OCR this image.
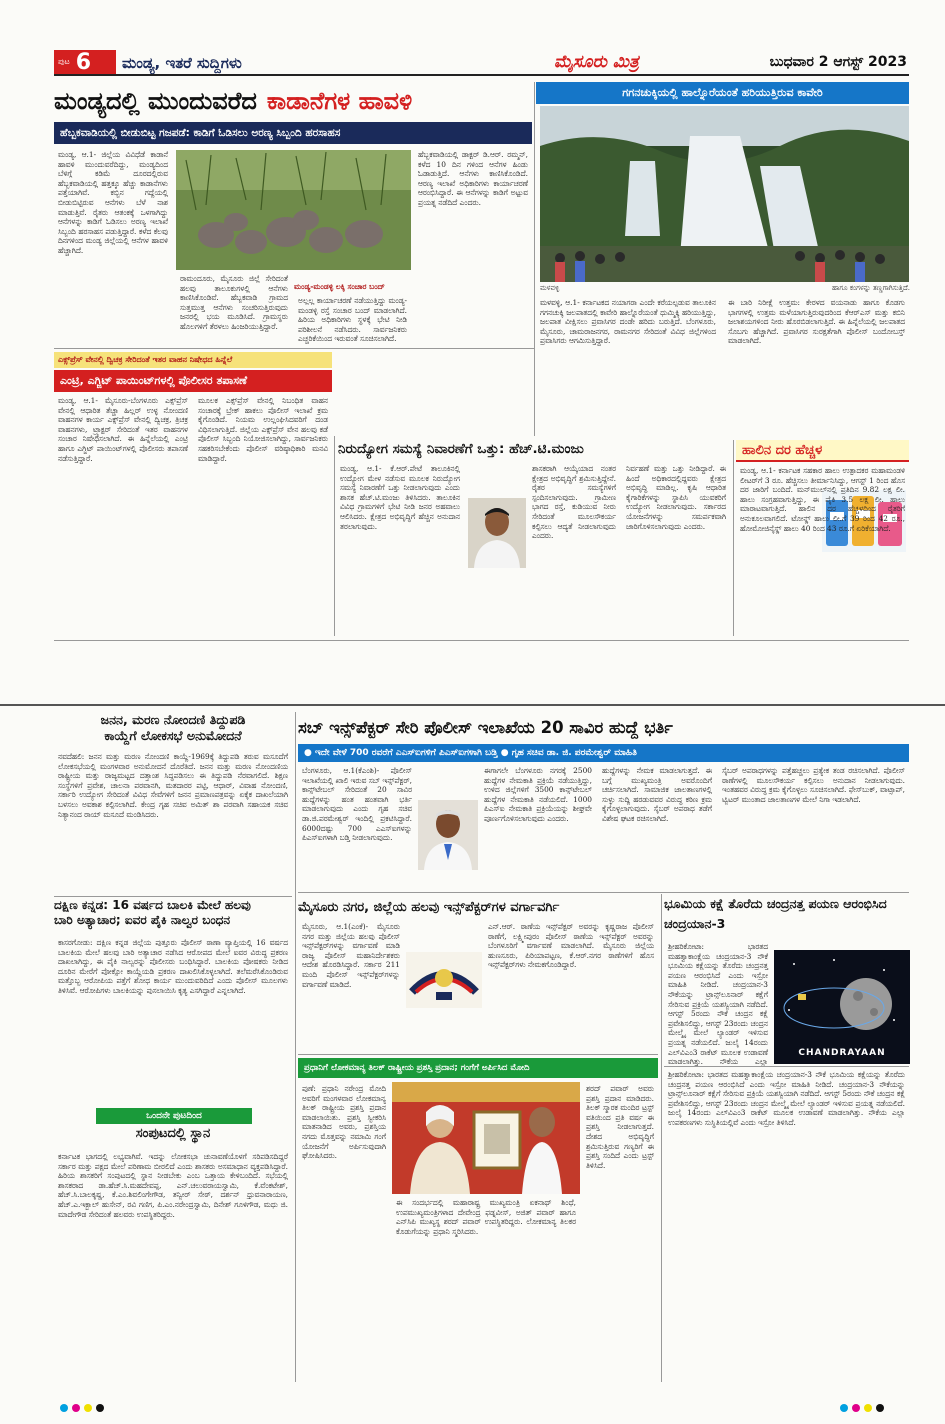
ಪುಟ 6 ಮಂಡ್ಯ, ಇತರೆ ಸುದ್ದಿಗಳು	ಮೈಸೂರು ಮಿತ್ರ	ಬುಧವಾರ 2 ಆಗಸ್ಟ್ 2023
ಮಂಡ್ಯದಲ್ಲಿ ಮುಂದುವರೆದ ಕಾಡಾನೆಗಳ ಹಾವಳಿ
ಹೆಬ್ಬಕವಾಡಿಯಲ್ಲಿ ಬೀಡುಬಿಟ್ಟ ಗಜಪಡೆ: ಕಾಡಿಗೆ ಓಡಿಸಲು ಅರಣ್ಯ ಸಿಬ್ಬಂದಿ ಹರಸಾಹಸ
ಮಂಡ್ಯ, ಆ.1- ಜಿಲ್ಲೆಯ ವಿವಿಧೆಡೆ ಕಾಡಾನೆ ಹಾವಳಿ ಮುಂದುವರೆದಿದ್ದು, ಮಂಡ್ಯದಿಂದ ಬೆಳಿಗ್ಗೆ ಕಡಿಮೆ ದೂರದಲ್ಲಿರುವ ಹೆಬ್ಬಕವಾಡಿಯಲ್ಲಿ ಹತ್ತಕ್ಕೂ ಹೆಚ್ಚು ಕಾಡಾನೆಗಳು ಪತ್ತೆಯಾಗಿವೆ. ಕಬ್ಬಿನ ಗದ್ದೆಯಲ್ಲಿ ಬೀಡುಬಿಟ್ಟಿರುವ ಆನೆಗಳು ಬೆಳೆ ನಾಶ ಮಾಡುತ್ತಿವೆ. ರೈತರು ಆತಂಕಕ್ಕೆ ಒಳಗಾಗಿದ್ದು ಆನೆಗಳನ್ನು ಕಾಡಿಗೆ ಓಡಿಸಲು ಅರಣ್ಯ ಇಲಾಖೆ ಸಿಬ್ಬಂದಿ ಹರಸಾಹಸ ಪಡುತ್ತಿದ್ದಾರೆ. ಕಳೆದ ಕೆಲವು ದಿನಗಳಿಂದ ಮಂಡ್ಯ ಜಿಲ್ಲೆಯಲ್ಲಿ ಆನೆಗಳ ಹಾವಳಿ ಹೆಚ್ಚಾಗಿದೆ.
ರಾಮಂದೂರು, ಮೈಸೂರು ಜಿಲ್ಲೆ ಸೇರಿದಂತೆ ಹಲವು ತಾಲೂಕುಗಳಲ್ಲಿ ಆನೆಗಳು ಕಾಣಿಸಿಕೊಂಡಿವೆ. ಹೆಬ್ಬಕವಾಡಿ ಗ್ರಾಮದ ಸುತ್ತಮುತ್ತ ಆನೆಗಳು ಸಂಚರಿಸುತ್ತಿರುವುದು ಜನರಲ್ಲಿ ಭಯ ಮೂಡಿಸಿದೆ. ಗ್ರಾಮಸ್ಥರು ಹೊಲಗಳಿಗೆ ತೆರಳಲು ಹಿಂಜರಿಯುತ್ತಿದ್ದಾರೆ.
ಮಂಡ್ಯ-ಮಂಡಳ್ಳಿ ಲಕ್ಕಿ ಸಂಚಾರ ಬಂದ್
ಅಲ್ಲಲ್ಲ ಕಾರ್ಯಾಚರಣೆ ನಡೆಯುತ್ತಿದ್ದು ಮಂಡ್ಯ-ಮಂಡಳ್ಳಿ ರಸ್ತೆ ಸಂಚಾರ ಬಂದ್ ಮಾಡಲಾಗಿದೆ. ಹಿರಿಯ ಅಧಿಕಾರಿಗಳು ಸ್ಥಳಕ್ಕೆ ಭೇಟಿ ನೀಡಿ ಪರಿಶೀಲನೆ ನಡೆಸಿದರು. ಸಾರ್ವಜನಿಕರು ಎಚ್ಚರಿಕೆಯಿಂದ ಇರುವಂತೆ ಸೂಚಿಸಲಾಗಿದೆ.
ಹೆಬ್ಬಕವಾಡಿಯಲ್ಲಿ ಡಾಕ್ಟರ್ ಡಿ.ಆರ್. ರಮ್ಮನ್, ಕಳೆದ 10 ದಿನ ಗಳಿಂದ ಆನೆಗಳ ಹಿಂಡು ಓಡಾಡುತ್ತಿದೆ. ಆನೆಗಳು ಕಾಣಿಸಿಕೊಂಡಿದೆ. ಆರಣ್ಯ ಇಲಾಖೆ ಅಧಿಕಾರಿಗಳು ಕಾರ್ಯಾಚರಣೆ ಆರಂಭಿಸಿದ್ದಾರೆ. ಈ ಆನೆಗಳನ್ನು ಕಾಡಿಗೆ ಅಟ್ಟುವ ಪ್ರಯತ್ನ ನಡೆದಿದೆ ಎಂದರು.
ಗಗನಚುಕ್ಕಿಯಲ್ಲಿ ಹಾಲ್ನೊರೆಯಂತೆ ಹರಿಯುತ್ತಿರುವ ಕಾವೇರಿ
ಮಳವಳ್ಳಿ	ಹಾಗೂ ಕಂಗಳನ್ನು ತಣ್ಣಗಾಗಿಸುತ್ತಿದೆ.
ಮಳವಳ್ಳಿ, ಆ.1- ಕರ್ನಾಟಕದ ನಯಾಗರಾ ಎಂದೇ ಕರೆಯಲ್ಪಡುವ ತಾಲೂಕಿನ ಗಗನಚುಕ್ಕಿ ಜಲಪಾತದಲ್ಲಿ ಕಾವೇರಿ ಹಾಲ್ನೊರೆಯಂತೆ ಧುಮ್ಮಿಕ್ಕಿ ಹರಿಯುತ್ತಿದ್ದು, ಜಲಪಾತ ವೀಕ್ಷಿಸಲು ಪ್ರವಾಸಿಗರ ದಂಡೇ ಹರಿದು ಬರುತ್ತಿದೆ. ಬೆಂಗಳೂರು, ಮೈಸೂರು, ಚಾಮರಾಜನಗರ, ರಾಮನಗರ ಸೇರಿದಂತೆ ವಿವಿಧ ಜಿಲ್ಲೆಗಳಿಂದ ಪ್ರವಾಸಿಗರು ಆಗಮಿಸುತ್ತಿದ್ದಾರೆ.
ಈ ಬಾರಿ ನಿರೀಕ್ಷೆ ಉತ್ತಮ: ಕೇರಳದ ವಯನಾಡು ಹಾಗೂ ಕೊಡಗು ಭಾಗಗಳಲ್ಲಿ ಉತ್ತಮ ಮಳೆಯಾಗುತ್ತಿರುವುದರಿಂದ ಕೆಆರ್‌ಎಸ್ ಮತ್ತು ಕಬಿನಿ ಜಲಾಶಯಗಳಿಂದ ನೀರು ಹೊರಬಿಡಲಾಗುತ್ತಿದೆ. ಈ ಹಿನ್ನೆಲೆಯಲ್ಲಿ ಜಲಪಾತದ ಸೊಬಗು ಹೆಚ್ಚಾಗಿದೆ. ಪ್ರವಾಸಿಗರ ಸುರಕ್ಷತೆಗಾಗಿ ಪೊಲೀಸ್ ಬಂದೋಬಸ್ತ್ ಮಾಡಲಾಗಿದೆ.
ಎಕ್ಸ್‌ಪ್ರೆಸ್ ವೇನಲ್ಲಿ ದ್ವಿಚಕ್ರ ಸೇರಿದಂತೆ ಇತರ ವಾಹನ ನಿಷೇಧದ ಹಿನ್ನೆಲೆ
ಎಂಟ್ರಿ, ಎಗ್ಜಿಟ್ ಪಾಯಿಂಟ್‌ಗಳಲ್ಲಿ ಪೊಲೀಸರ ತಪಾಸಣೆ
ಮಂಡ್ಯ, ಆ.1- ಮೈಸೂರು-ಬೆಂಗಳೂರು ಎಕ್ಸ್‌ಪ್ರೆಸ್ ವೇನಲ್ಲಿ ಆಧಾರಿತ ತೆಚ್ಚಾ ಹಿಲ್ಲರ್ ಉಳ್ಳ ನೋಂದಣಿ ವಾಹನಗಳ ಕಾರ್ಯ ಎಕ್ಸ್‌ಪ್ರೆಸ್ ವೇನಲ್ಲಿ ದ್ವಿಚಕ್ರ, ತ್ರಿಚಕ್ರ ವಾಹನಗಳು, ಟ್ರ್ಯಾಕ್ಟರ್ ಸೇರಿದಂತೆ ಇತರ ವಾಹನಗಳ ಸಂಚಾರ ನಿಷೇಧಿಸಲಾಗಿದೆ. ಈ ಹಿನ್ನೆಲೆಯಲ್ಲಿ ಎಂಟ್ರಿ ಹಾಗೂ ಎಗ್ಜಿಟ್ ಪಾಯಿಂಟ್‌ಗಳಲ್ಲಿ ಪೊಲೀಸರು ತಪಾಸಣೆ ನಡೆಸುತ್ತಿದ್ದಾರೆ.
ಮೂಲಕ ಎಕ್ಸ್‌ಪ್ರೆಸ್ ವೇನಲ್ಲಿ ನಿಬಂಧಿತ ವಾಹನ ಸಂಚಾರಕ್ಕೆ ಬ್ರೇಕ್ ಹಾಕಲು ಪೊಲೀಸ್ ಇಲಾಖೆ ಕ್ರಮ ಕೈಗೊಂಡಿದೆ. ನಿಯಮ ಉಲ್ಲಂಘಿಸಿದವರಿಗೆ ದಂಡ ವಿಧಿಸಲಾಗುತ್ತಿದೆ. ಜಿಲ್ಲೆಯ ಎಕ್ಸ್‌ಪ್ರೆಸ್ ವೇನ ಹಲವು ಕಡೆ ಪೊಲೀಸ್ ಸಿಬ್ಬಂದಿ ನಿಯೋಜಿಸಲಾಗಿದ್ದು, ಸಾರ್ವಜನಿಕರು ಸಹಕರಿಸಬೇಕೆಂದು ಪೊಲೀಸ್ ವರಿಷ್ಠಾಧಿಕಾರಿ ಮನವಿ ಮಾಡಿದ್ದಾರೆ.
ನಿರುದ್ಯೋಗ ಸಮಸ್ಯೆ ನಿವಾರಣೆಗೆ ಒತ್ತು: ಹೆಚ್.ಟಿ.ಮಂಜು
ಮಂಡ್ಯ, ಆ.1- ಕೆ.ಆರ್.ಪೇಟೆ ತಾಲೂಕಿನಲ್ಲಿ ಉದ್ಯೋಗ ಮೇಳ ನಡೆಸುವ ಮೂಲಕ ನಿರುದ್ಯೋಗ ಸಮಸ್ಯೆ ನಿವಾರಣೆಗೆ ಒತ್ತು ನೀಡಲಾಗುವುದು ಎಂದು ಶಾಸಕ ಹೆಚ್.ಟಿ.ಮಂಜು ತಿಳಿಸಿದರು. ತಾಲೂಕಿನ ವಿವಿಧ ಗ್ರಾಮಗಳಿಗೆ ಭೇಟಿ ನೀಡಿ ಜನರ ಅಹವಾಲು ಆಲಿಸಿದರು. ಕ್ಷೇತ್ರದ ಅಭಿವೃದ್ಧಿಗೆ ಹೆಚ್ಚಿನ ಅನುದಾನ ತರಲಾಗುವುದು.
ಶಾಸಕರಾಗಿ ಆಯ್ಕೆಯಾದ ನಂತರ ಕ್ಷೇತ್ರದ ಅಭಿವೃದ್ಧಿಗೆ ಶ್ರಮಿಸುತ್ತಿದ್ದೇನೆ. ರೈತರ ಸಮಸ್ಯೆಗಳಿಗೆ ಸ್ಪಂದಿಸಲಾಗುವುದು. ಗ್ರಾಮೀಣ ಭಾಗದ ರಸ್ತೆ, ಕುಡಿಯುವ ನೀರು ಸೇರಿದಂತೆ ಮೂಲಸೌಕರ್ಯ ಕಲ್ಪಿಸಲು ಆದ್ಯತೆ ನೀಡಲಾಗುವುದು ಎಂದರು.
ನಿರ್ವಹಣೆ ಮತ್ತು ಒತ್ತು ನೀಡಿದ್ದಾರೆ. ಈ ಹಿಂದೆ ಅಧಿಕಾರದಲ್ಲಿದ್ದವರು ಕ್ಷೇತ್ರದ ಅಭಿವೃದ್ಧಿ ಮಾಡಿಲ್ಲ. ಕೃಷಿ ಆಧಾರಿತ ಕೈಗಾರಿಕೆಗಳನ್ನು ಸ್ಥಾಪಿಸಿ ಯುವಕರಿಗೆ ಉದ್ಯೋಗ ನೀಡಲಾಗುವುದು. ಸರ್ಕಾರದ ಯೋಜನೆಗಳನ್ನು ಸಮರ್ಪಕವಾಗಿ ಜಾರಿಗೊಳಿಸಲಾಗುವುದು ಎಂದರು.
ಹಾಲಿನ ದರ ಹೆಚ್ಚಳ
ಮಂಡ್ಯ, ಆ.1- ಕರ್ನಾಟಕ ಸಹಕಾರ ಹಾಲು ಉತ್ಪಾದಕರ ಮಹಾಮಂಡಳಿ ಲೀಟರ್‌ಗೆ 3 ರೂ. ಹೆಚ್ಚಿಸಲು ತೀರ್ಮಾನಿಸಿದ್ದು, ಆಗಸ್ಟ್ 1 ರಿಂದ ಹೊಸ ದರ ಜಾರಿಗೆ ಬಂದಿದೆ. ಮನ್‌ಮುಲ್‌ನಲ್ಲಿ ಪ್ರತಿದಿನ 9.82 ಲಕ್ಷ ಲೀ. ಹಾಲು ಸಂಗ್ರಹವಾಗುತ್ತಿದ್ದು, ಈ ಪೈಕಿ 3.5 ಲಕ್ಷ ಲೀ. ಹಾಲು ಮಾರಾಟವಾಗುತ್ತಿದೆ. ಹಾಲಿನ ದರ ಹೆಚ್ಚಳದಿಂದ ರೈತರಿಗೆ ಅನುಕೂಲವಾಗಲಿದೆ. ಟೋನ್ಡ್ ಹಾಲು ಲೀ.ಗೆ 39 ರಿಂದ 42 ರೂ., ಹೋಮೋಜಿನೈಸ್ಡ್ ಹಾಲು 40 ರಿಂದ 43 ರೂ.ಗೆ ಏರಿಕೆಯಾಗಿದೆ.
ಜನನ, ಮರಣ ನೋಂದಣಿ ತಿದ್ದುಪಡಿ
ಕಾಯ್ದೆಗೆ ಲೋಕಸಭೆ ಅನುಮೋದನೆ
ನವದೆಹಲಿ: ಜನನ ಮತ್ತು ಮರಣ ನೋಂದಣಿ ಕಾಯ್ದೆ-1969ಕ್ಕೆ ತಿದ್ದುಪಡಿ ತರುವ ಮಸೂದೆಗೆ ಲೋಕಸಭೆಯಲ್ಲಿ ಮಂಗಳವಾರ ಅನುಮೋದನೆ ದೊರೆತಿದೆ. ಜನನ ಮತ್ತು ಮರಣ ನೋಂದಣಿಯ ರಾಷ್ಟ್ರೀಯ ಮತ್ತು ರಾಜ್ಯಮಟ್ಟದ ದತ್ತಾಂಶ ಸಿದ್ಧಪಡಿಸಲು ಈ ತಿದ್ದುಪಡಿ ನೆರವಾಗಲಿದೆ. ಶಿಕ್ಷಣ ಸಂಸ್ಥೆಗಳಿಗೆ ಪ್ರವೇಶ, ಚಾಲನಾ ಪರವಾನಗಿ, ಮತದಾರರ ಪಟ್ಟಿ, ಆಧಾರ್, ವಿವಾಹ ನೋಂದಣಿ, ಸರ್ಕಾರಿ ಉದ್ಯೋಗ ಸೇರಿದಂತೆ ವಿವಿಧ ಸೇವೆಗಳಿಗೆ ಜನನ ಪ್ರಮಾಣಪತ್ರವನ್ನು ಏಕೈಕ ದಾಖಲೆಯಾಗಿ ಬಳಸಲು ಅವಕಾಶ ಕಲ್ಪಿಸಲಾಗಿದೆ. ಕೇಂದ್ರ ಗೃಹ ಸಚಿವ ಅಮಿತ್ ಶಾ ಪರವಾಗಿ ಸಹಾಯಕ ಸಚಿವ ನಿತ್ಯಾನಂದ ರಾಯ್ ಮಸೂದೆ ಮಂಡಿಸಿದರು.
ದಕ್ಷಿಣ ಕನ್ನಡ: 16 ವರ್ಷದ ಬಾಲಕಿ ಮೇಲೆ ಹಲವು
ಬಾರಿ ಅತ್ಯಾಚಾರ; ಐವರ ಪೈಕಿ ನಾಲ್ವರ ಬಂಧನ
ಕಾಸರಗೋಡು: ದಕ್ಷಿಣ ಕನ್ನಡ ಜಿಲ್ಲೆಯ ಪುತ್ತೂರು ಪೊಲೀಸ್ ಠಾಣಾ ವ್ಯಾಪ್ತಿಯಲ್ಲಿ 16 ವರ್ಷದ ಬಾಲಕಿಯ ಮೇಲೆ ಹಲವು ಬಾರಿ ಅತ್ಯಾಚಾರ ನಡೆಸಿದ ಆರೋಪದ ಮೇಲೆ ಐವರ ವಿರುದ್ಧ ಪ್ರಕರಣ ದಾಖಲಾಗಿದ್ದು, ಈ ಪೈಕಿ ನಾಲ್ವರನ್ನು ಪೊಲೀಸರು ಬಂಧಿಸಿದ್ದಾರೆ. ಬಾಲಕಿಯ ಪೋಷಕರು ನೀಡಿದ ದೂರಿನ ಮೇರೆಗೆ ಪೋಕ್ಸೋ ಕಾಯ್ದೆಯಡಿ ಪ್ರಕರಣ ದಾಖಲಿಸಿಕೊಳ್ಳಲಾಗಿದೆ. ತಲೆಮರೆಸಿಕೊಂಡಿರುವ ಮತ್ತೊಬ್ಬ ಆರೋಪಿಯ ಪತ್ತೆಗೆ ಶೋಧ ಕಾರ್ಯ ಮುಂದುವರಿದಿದೆ ಎಂದು ಪೊಲೀಸ್ ಮೂಲಗಳು ತಿಳಿಸಿವೆ. ಆರೋಪಿಗಳು ಬಾಲಕಿಯನ್ನು ಪುಸಲಾಯಿಸಿ ಕೃತ್ಯ ಎಸಗಿದ್ದಾರೆ ಎನ್ನಲಾಗಿದೆ.
ಒಂದನೇ ಪುಟದಿಂದ
ಸಂಪುಟದಲ್ಲಿ ಸ್ಥಾನ
ಕರ್ನಾಟಕ ಭಾಗದಲ್ಲಿ ಲಭ್ಯವಾಗಿವೆ. ಇದನ್ನು ಲೋಕಸಭಾ ಚುನಾವಣೆಯೊಳಗೆ ಸರಿಪಡಿಸದಿದ್ದರೆ ಸರ್ಕಾರ ಮತ್ತು ಪಕ್ಷದ ಮೇಲೆ ಪರಿಣಾಮ ಬೀರಲಿದೆ ಎಂದು ಶಾಸಕರು ಅಸಮಾಧಾನ ವ್ಯಕ್ತಪಡಿಸಿದ್ದಾರೆ. ಹಿರಿಯ ಶಾಸಕರಿಗೆ ಸಂಪುಟದಲ್ಲಿ ಸ್ಥಾನ ನೀಡಬೇಕು ಎಂಬ ಒತ್ತಾಯ ಕೇಳಿಬಂದಿದೆ. ಸಭೆಯಲ್ಲಿ ಶಾಸಕರಾದ ಡಾ.ಹೆಚ್.ಸಿ.ಮಹದೇವಪ್ಪ, ಎನ್.ಚಲುವರಾಯಸ್ವಾಮಿ, ಕೆ.ವೆಂಕಟೇಶ್, ಹೆಚ್.ಸಿ.ಬಾಲಕೃಷ್ಣ, ಕೆ.ಎಂ.ಶಿವಲಿಂಗೇಗೌಡ, ತನ್ವೀರ್ ಸೇಠ್, ದರ್ಶನ್ ಧ್ರುವನಾರಾಯಣ, ಹೆಚ್.ಎ.ಇಕ್ಬಾಲ್ ಹುಸೇನ್, ರವಿ ಗಣಿಗ, ಪಿ.ಎಂ.ನರೇಂದ್ರಸ್ವಾಮಿ, ದಿನೇಶ್ ಗೂಳಿಗೌಡ, ಮಧು ಜಿ. ಮಾದೇಗೌಡ ಸೇರಿದಂತೆ ಹಲವರು ಉಪಸ್ಥಿತರಿದ್ದರು.
ಸಬ್ ಇನ್ಸ್‌ಪೆಕ್ಟರ್ ಸೇರಿ ಪೊಲೀಸ್ ಇಲಾಖೆಯ 20 ಸಾವಿರ ಹುದ್ದೆ ಭರ್ತಿ
● ಇದೇ ವೇಳೆ 700 ರವರೆಗೆ ಎಎಸ್‌ಐಗಳಿಗೆ ಪಿಎಸ್‌ಐಗಳಾಗಿ ಬಡ್ತಿ ● ಗೃಹ ಸಚಿವ ಡಾ. ಜಿ. ಪರಮೇಶ್ವರ್ ಮಾಹಿತಿ
ಬೆಂಗಳೂರು, ಆ.1(ಕೆಎಂಶಿ)- ಪೊಲೀಸ್ ಇಲಾಖೆಯಲ್ಲಿ ಖಾಲಿ ಇರುವ ಸಬ್ ಇನ್ಸ್‌ಪೆಕ್ಟರ್, ಕಾನ್ಸ್‌ಟೇಬಲ್ ಸೇರಿದಂತೆ 20 ಸಾವಿರ ಹುದ್ದೆಗಳನ್ನು ಹಂತ ಹಂತವಾಗಿ ಭರ್ತಿ ಮಾಡಲಾಗುವುದು ಎಂದು ಗೃಹ ಸಚಿವ ಡಾ.ಜಿ.ಪರಮೇಶ್ವರ್ ಇಂದಿಲ್ಲಿ ಪ್ರಕಟಿಸಿದ್ದಾರೆ. 6000ದಷ್ಟು 700 ಎಎಸ್‌ಐಗಳನ್ನು ಪಿಎಸ್‌ಐಗಳಾಗಿ ಬಡ್ತಿ ನೀಡಲಾಗುವುದು.
ಈಗಾಗಲೇ ಬೆಂಗಳೂರು ನಗರಕ್ಕೆ 2500 ಹುದ್ದೆಗಳ ನೇಮಕಾತಿ ಪ್ರಕ್ರಿಯೆ ನಡೆಯುತ್ತಿದ್ದು, ಉಳಿದ ಜಿಲ್ಲೆಗಳಿಗೆ 3500 ಕಾನ್ಸ್‌ಟೇಬಲ್ ಹುದ್ದೆಗಳ ನೇಮಕಾತಿ ನಡೆಯಲಿದೆ. 1000 ಪಿಎಸ್‌ಐ ನೇಮಕಾತಿ ಪ್ರಕ್ರಿಯೆಯನ್ನು ಶೀಘ್ರವೇ ಪೂರ್ಣಗೊಳಿಸಲಾಗುವುದು ಎಂದರು.
ಹುದ್ದೆಗಳನ್ನು ನೇಮಕ ಮಾಡಲಾಗುತ್ತದೆ. ಈ ಬಗ್ಗೆ ಮುಖ್ಯಮಂತ್ರಿ ಅವರೊಂದಿಗೆ ಚರ್ಚಿಸಲಾಗಿದೆ. ಸಾಮಾಜಿಕ ಜಾಲತಾಣಗಳಲ್ಲಿ ಸುಳ್ಳು ಸುದ್ದಿ ಹರಡುವವರ ವಿರುದ್ಧ ಕಠಿಣ ಕ್ರಮ ಕೈಗೊಳ್ಳಲಾಗುವುದು. ಸೈಬರ್ ಅಪರಾಧ ತಡೆಗೆ ವಿಶೇಷ ಘಟಕ ರಚಿಸಲಾಗಿದೆ.
ಸೈಬರ್ ಅಪರಾಧಗಳನ್ನು ಪತ್ತೆಹಚ್ಚಲು ಪ್ರತ್ಯೇಕ ತಂಡ ರಚಿಸಲಾಗಿದೆ. ಪೊಲೀಸ್ ಠಾಣೆಗಳಲ್ಲಿ ಮೂಲಸೌಕರ್ಯ ಕಲ್ಪಿಸಲು ಅನುದಾನ ನೀಡಲಾಗುವುದು. ಇಂತಹವರ ವಿರುದ್ಧ ಕ್ರಮ ಕೈಗೊಳ್ಳಲು ಸೂಚಿಸಲಾಗಿದೆ. ಫೇಸ್‌ಬುಕ್, ವಾಟ್ಸಾಪ್, ಟ್ವಿಟರ್ ಮುಂತಾದ ಜಾಲತಾಣಗಳ ಮೇಲೆ ನಿಗಾ ಇಡಲಾಗಿದೆ.
ಮೈಸೂರು ನಗರ, ಜಿಲ್ಲೆಯ ಹಲವು ಇನ್ಸ್‌ಪೆಕ್ಟರ್‌ಗಳ ವರ್ಗಾವರ್ಗಿ
ಮೈಸೂರು, ಆ.1(ಎಂಕೆ)- ಮೈಸೂರು ನಗರ ಮತ್ತು ಜಿಲ್ಲೆಯ ಹಲವು ಪೊಲೀಸ್ ಇನ್ಸ್‌ಪೆಕ್ಟರ್‌ಗಳನ್ನು ವರ್ಗಾವಣೆ ಮಾಡಿ ರಾಜ್ಯ ಪೊಲೀಸ್ ಮಹಾನಿರ್ದೇಶಕರು ಆದೇಶ ಹೊರಡಿಸಿದ್ದಾರೆ. ಸರ್ಕಾರ 211 ಮಂದಿ ಪೊಲೀಸ್ ಇನ್ಸ್‌ಪೆಕ್ಟರ್‌ಗಳನ್ನು ವರ್ಗಾವಣೆ ಮಾಡಿದೆ.
ಎನ್.ಆರ್. ಠಾಣೆಯ ಇನ್ಸ್‌ಪೆಕ್ಟರ್ ಅವರನ್ನು ಕೃಷ್ಣರಾಜ ಪೊಲೀಸ್ ಠಾಣೆಗೆ, ಲಕ್ಷ್ಮೀಪುರಂ ಪೊಲೀಸ್ ಠಾಣೆಯ ಇನ್ಸ್‌ಪೆಕ್ಟರ್ ಅವರನ್ನು ಬೆಂಗಳೂರಿಗೆ ವರ್ಗಾವಣೆ ಮಾಡಲಾಗಿದೆ. ಮೈಸೂರು ಜಿಲ್ಲೆಯ ಹುಣಸೂರು, ಪಿರಿಯಾಪಟ್ಟಣ, ಕೆ.ಆರ್.ನಗರ ಠಾಣೆಗಳಿಗೆ ಹೊಸ ಇನ್ಸ್‌ಪೆಕ್ಟರ್‌ಗಳು ನೇಮಕಗೊಂಡಿದ್ದಾರೆ.
ಭೂಮಿಯ ಕಕ್ಷೆ ತೊರೆದು ಚಂದ್ರನತ್ತ ಪಯಣ ಆರಂಭಿಸಿದ ಚಂದ್ರಯಾನ-3
CHANDRAYAAN
ಶ್ರೀಹರಿಕೋಟಾ: ಭಾರತದ ಮಹತ್ವಾಕಾಂಕ್ಷೆಯ ಚಂದ್ರಯಾನ-3 ನೌಕೆ ಭೂಮಿಯ ಕಕ್ಷೆಯನ್ನು ತೊರೆದು ಚಂದ್ರನತ್ತ ಪಯಣ ಆರಂಭಿಸಿದೆ ಎಂದು ಇಸ್ರೋ ಮಾಹಿತಿ ನೀಡಿದೆ. ಚಂದ್ರಯಾನ-3 ನೌಕೆಯನ್ನು ಟ್ರಾನ್ಸ್‌ಲೂನಾರ್ ಕಕ್ಷೆಗೆ ಸೇರಿಸುವ ಪ್ರಕ್ರಿಯೆ ಯಶಸ್ವಿಯಾಗಿ ನಡೆದಿದೆ. ಆಗಸ್ಟ್ 5ರಂದು ನೌಕೆ ಚಂದ್ರನ ಕಕ್ಷೆ ಪ್ರವೇಶಿಸಲಿದ್ದು, ಆಗಸ್ಟ್ 23ರಂದು ಚಂದ್ರನ ಮೇಲ್ಮೈ ಮೇಲೆ ಲ್ಯಾಂಡರ್ ಇಳಿಸುವ ಪ್ರಯತ್ನ ನಡೆಯಲಿದೆ. ಜುಲೈ 14ರಂದು ಎಲ್‌ವಿಎಂ3 ರಾಕೆಟ್ ಮೂಲಕ ಉಡಾವಣೆ ಮಾಡಲಾಗಿತ್ತು. ನೌಕೆಯ ಎಲ್ಲಾ
ಪ್ರಧಾನಿಗೆ ಲೋಕಮಾನ್ಯ ತಿಲಕ್ ರಾಷ್ಟ್ರೀಯ ಪ್ರಶಸ್ತಿ ಪ್ರದಾನ; ಗಂಗೆಗೆ ಅರ್ಪಿಸಿದ ಮೋದಿ
ಪುಣೆ: ಪ್ರಧಾನಿ ನರೇಂದ್ರ ಮೋದಿ ಅವರಿಗೆ ಮಂಗಳವಾರ ಲೋಕಮಾನ್ಯ ತಿಲಕ್ ರಾಷ್ಟ್ರೀಯ ಪ್ರಶಸ್ತಿ ಪ್ರದಾನ ಮಾಡಲಾಯಿತು. ಪ್ರಶಸ್ತಿ ಸ್ವೀಕರಿಸಿ ಮಾತನಾಡಿದ ಅವರು, ಪ್ರಶಸ್ತಿಯ ನಗದು ಮೊತ್ತವನ್ನು ನಮಾಮಿ ಗಂಗೆ ಯೋಜನೆಗೆ ಅರ್ಪಿಸುವುದಾಗಿ ಘೋಷಿಸಿದರು.
ಈ ಸಂದರ್ಭದಲ್ಲಿ ಮಹಾರಾಷ್ಟ್ರ ಮುಖ್ಯಮಂತ್ರಿ ಏಕನಾಥ್ ಶಿಂಧೆ, ಉಪಮುಖ್ಯಮಂತ್ರಿಗಳಾದ ದೇವೇಂದ್ರ ಫಡ್ನವೀಸ್, ಅಜಿತ್ ಪವಾರ್ ಹಾಗೂ ಎನ್‌ಸಿಪಿ ಮುಖ್ಯಸ್ಥ ಶರದ್ ಪವಾರ್ ಉಪಸ್ಥಿತರಿದ್ದರು. ಲೋಕಮಾನ್ಯ ತಿಲಕರ ಕೊಡುಗೆಯನ್ನು ಪ್ರಧಾನಿ ಸ್ಮರಿಸಿದರು.
ಶರದ್ ಪವಾರ್ ಅವರು ಪ್ರಶಸ್ತಿ ಪ್ರದಾನ ಮಾಡಿದರು. ತಿಲಕ್ ಸ್ಮಾರಕ ಮಂದಿರ ಟ್ರಸ್ಟ್ ವತಿಯಿಂದ ಪ್ರತಿ ವರ್ಷ ಈ ಪ್ರಶಸ್ತಿ ನೀಡಲಾಗುತ್ತದೆ. ದೇಶದ ಅಭಿವೃದ್ಧಿಗೆ ಶ್ರಮಿಸುತ್ತಿರುವ ಗಣ್ಯರಿಗೆ ಈ ಪ್ರಶಸ್ತಿ ಸಂದಿದೆ ಎಂದು ಟ್ರಸ್ಟ್ ತಿಳಿಸಿದೆ.
ಶ್ರೀಹರಿಕೋಟಾ: ಭಾರತದ ಮಹತ್ವಾಕಾಂಕ್ಷೆಯ ಚಂದ್ರಯಾನ-3 ನೌಕೆ ಭೂಮಿಯ ಕಕ್ಷೆಯನ್ನು ತೊರೆದು ಚಂದ್ರನತ್ತ ಪಯಣ ಆರಂಭಿಸಿದೆ ಎಂದು ಇಸ್ರೋ ಮಾಹಿತಿ ನೀಡಿದೆ. ಚಂದ್ರಯಾನ-3 ನೌಕೆಯನ್ನು ಟ್ರಾನ್ಸ್‌ಲೂನಾರ್ ಕಕ್ಷೆಗೆ ಸೇರಿಸುವ ಪ್ರಕ್ರಿಯೆ ಯಶಸ್ವಿಯಾಗಿ ನಡೆದಿದೆ. ಆಗಸ್ಟ್ 5ರಂದು ನೌಕೆ ಚಂದ್ರನ ಕಕ್ಷೆ ಪ್ರವೇಶಿಸಲಿದ್ದು, ಆಗಸ್ಟ್ 23ರಂದು ಚಂದ್ರನ ಮೇಲ್ಮೈ ಮೇಲೆ ಲ್ಯಾಂಡರ್ ಇಳಿಸುವ ಪ್ರಯತ್ನ ನಡೆಯಲಿದೆ. ಜುಲೈ 14ರಂದು ಎಲ್‌ವಿಎಂ3 ರಾಕೆಟ್ ಮೂಲಕ ಉಡಾವಣೆ ಮಾಡಲಾಗಿತ್ತು. ನೌಕೆಯ ಎಲ್ಲಾ ಉಪಕರಣಗಳು ಸುಸ್ಥಿತಿಯಲ್ಲಿವೆ ಎಂದು ಇಸ್ರೋ ತಿಳಿಸಿದೆ.
